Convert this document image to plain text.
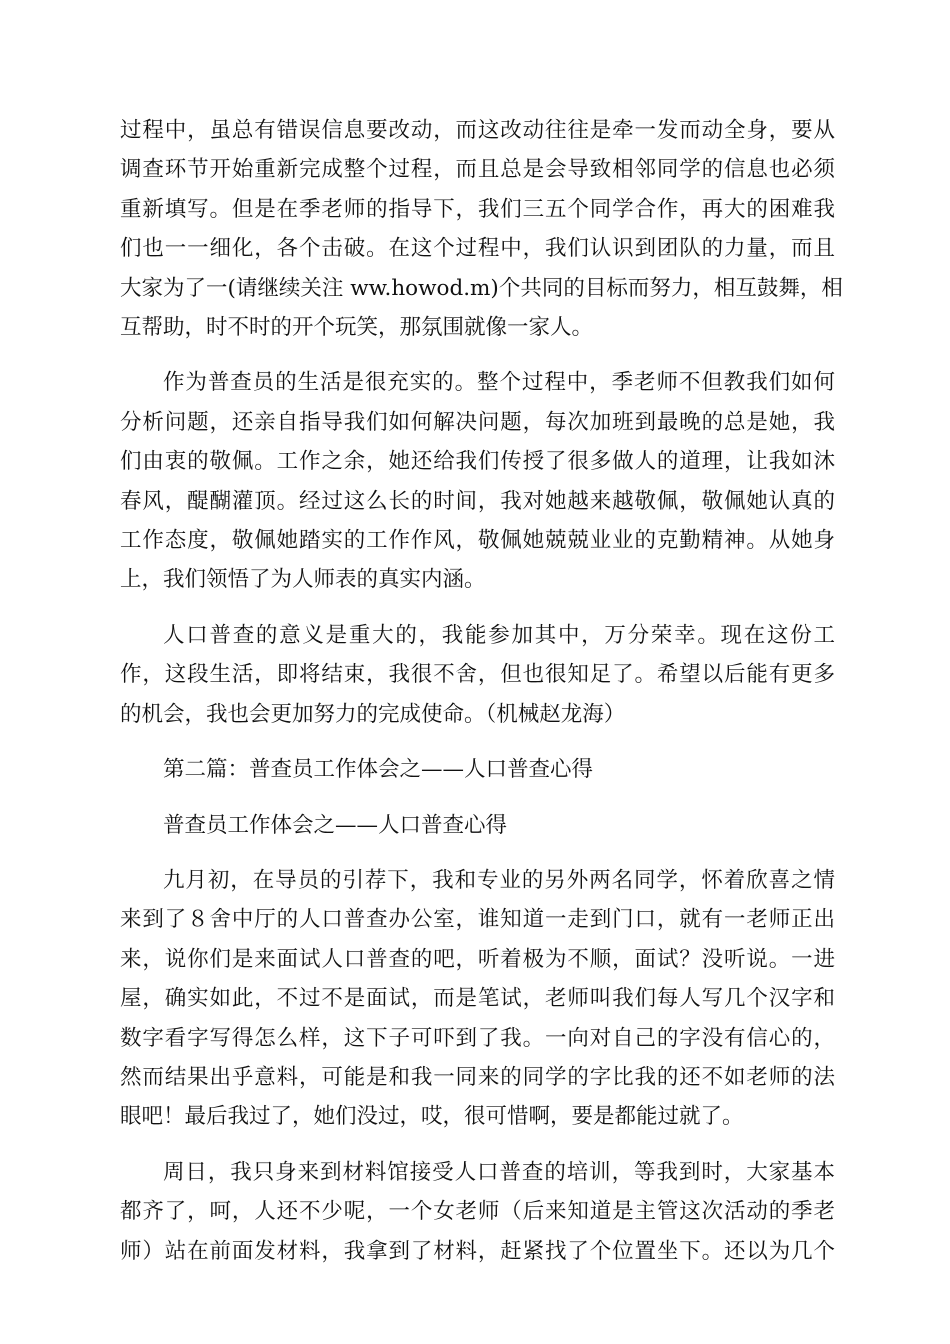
过程中，虽总有错误信息要改动，而这改动往往是牵一发而动全身，要从
调查环节开始重新完成整个过程，而且总是会导致相邻同学的信息也必须
重新填写。但是在季老师的指导下，我们三五个同学合作，再大的困难我
们也一一细化，各个击破。在这个过程中，我们认识到团队的力量，而且
大家为了一(请继续关注 ww.howod.m)个共同的目标而努力，相互鼓舞，相
互帮助，时不时的开个玩笑，那氛围就像一家人。

作为普查员的生活是很充实的。整个过程中，季老师不但教我们如何
分析问题，还亲自指导我们如何解决问题，每次加班到最晚的总是她，我
们由衷的敬佩。工作之余，她还给我们传授了很多做人的道理，让我如沐
春风，醍醐灌顶。经过这么长的时间，我对她越来越敬佩，敬佩她认真的
工作态度，敬佩她踏实的工作作风，敬佩她兢兢业业的克勤精神。从她身
上，我们领悟了为人师表的真实内涵。

人口普查的意义是重大的，我能参加其中，万分荣幸。现在这份工
作，这段生活，即将结束，我很不舍，但也很知足了。希望以后能有更多
的机会，我也会更加努力的完成使命。（机械赵龙海）

第二篇：普查员工作体会之——人口普查心得

普查员工作体会之——人口普查心得

九月初，在导员的引荐下，我和专业的另外两名同学，怀着欣喜之情
来到了８舍中厅的人口普查办公室，谁知道一走到门口，就有一老师正出
来，说你们是来面试人口普查的吧，听着极为不顺，面试？没听说。一进
屋，确实如此，不过不是面试，而是笔试，老师叫我们每人写几个汉字和
数字看字写得怎么样，这下子可吓到了我。一向对自己的字没有信心的，
然而结果出乎意料，可能是和我一同来的同学的字比我的还不如老师的法
眼吧！最后我过了，她们没过，哎，很可惜啊，要是都能过就了。

周日，我只身来到材料馆接受人口普查的培训，等我到时，大家基本
都齐了，呵，人还不少呢，一个女老师（后来知道是主管这次活动的季老
师）站在前面发材料，我拿到了材料，赶紧找了个位置坐下。还以为几个
